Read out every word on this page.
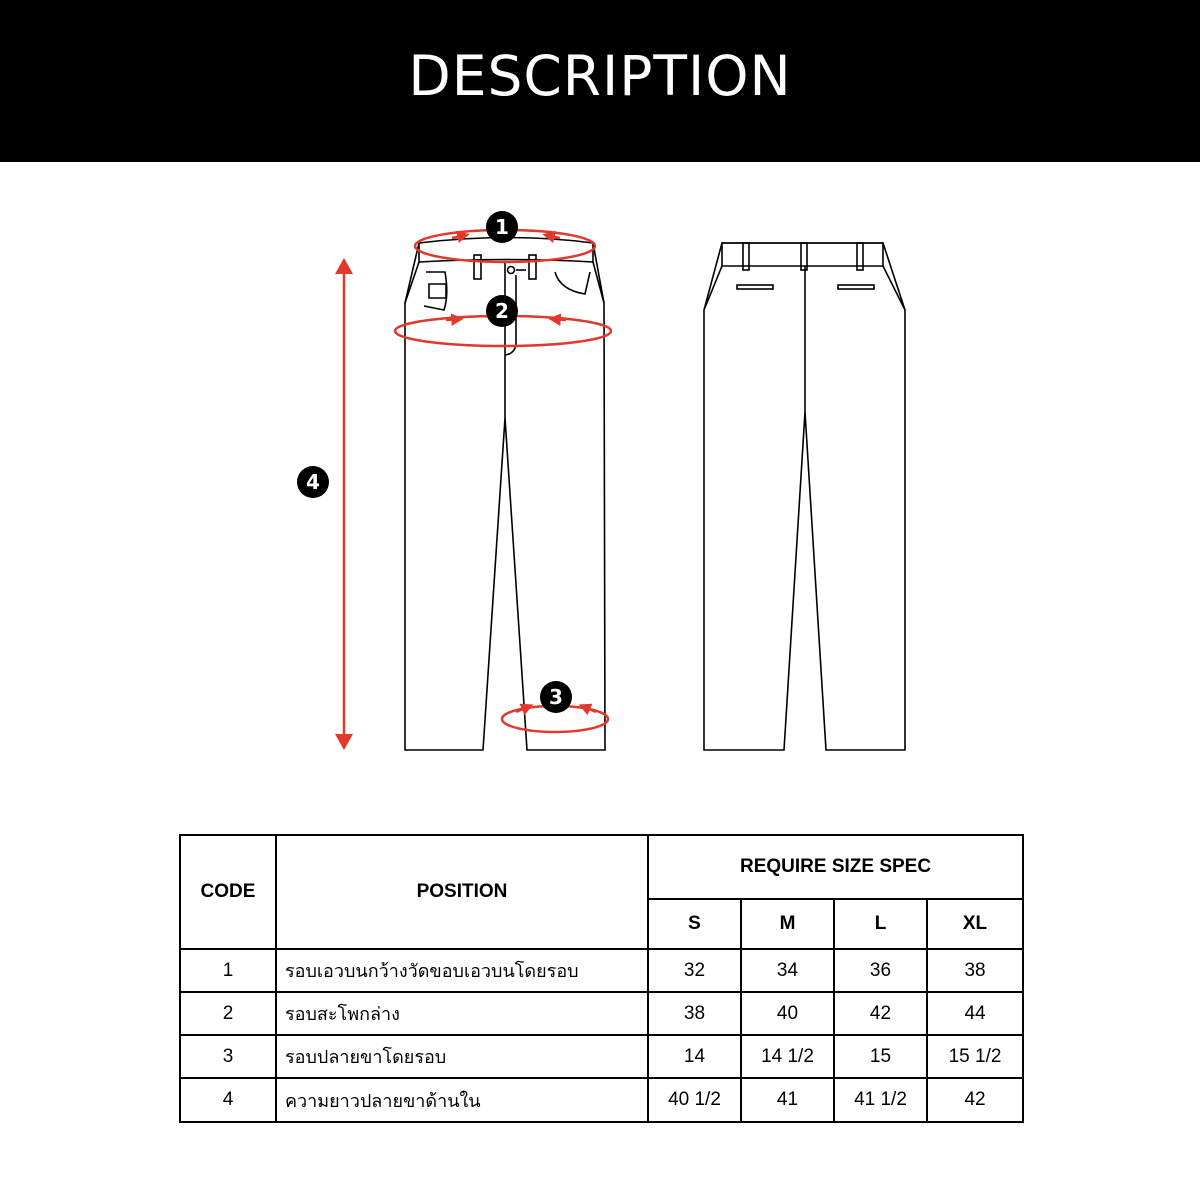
DESCRIPTION
1
2
3
4
CODE	POSITION	REQUIRE SIZE SPEC			
		S	M	L	XL
1	รอบเอวบนกว้างวัดขอบเอวบนโดยรอบ	32	34	36	38
2	รอบสะโพกล่าง	38	40	42	44
3	รอบปลายขาโดยรอบ	14	14 1/2	15	15 1/2
4	ความยาวปลายขาด้านใน	40 1/2	41	41 1/2	42
